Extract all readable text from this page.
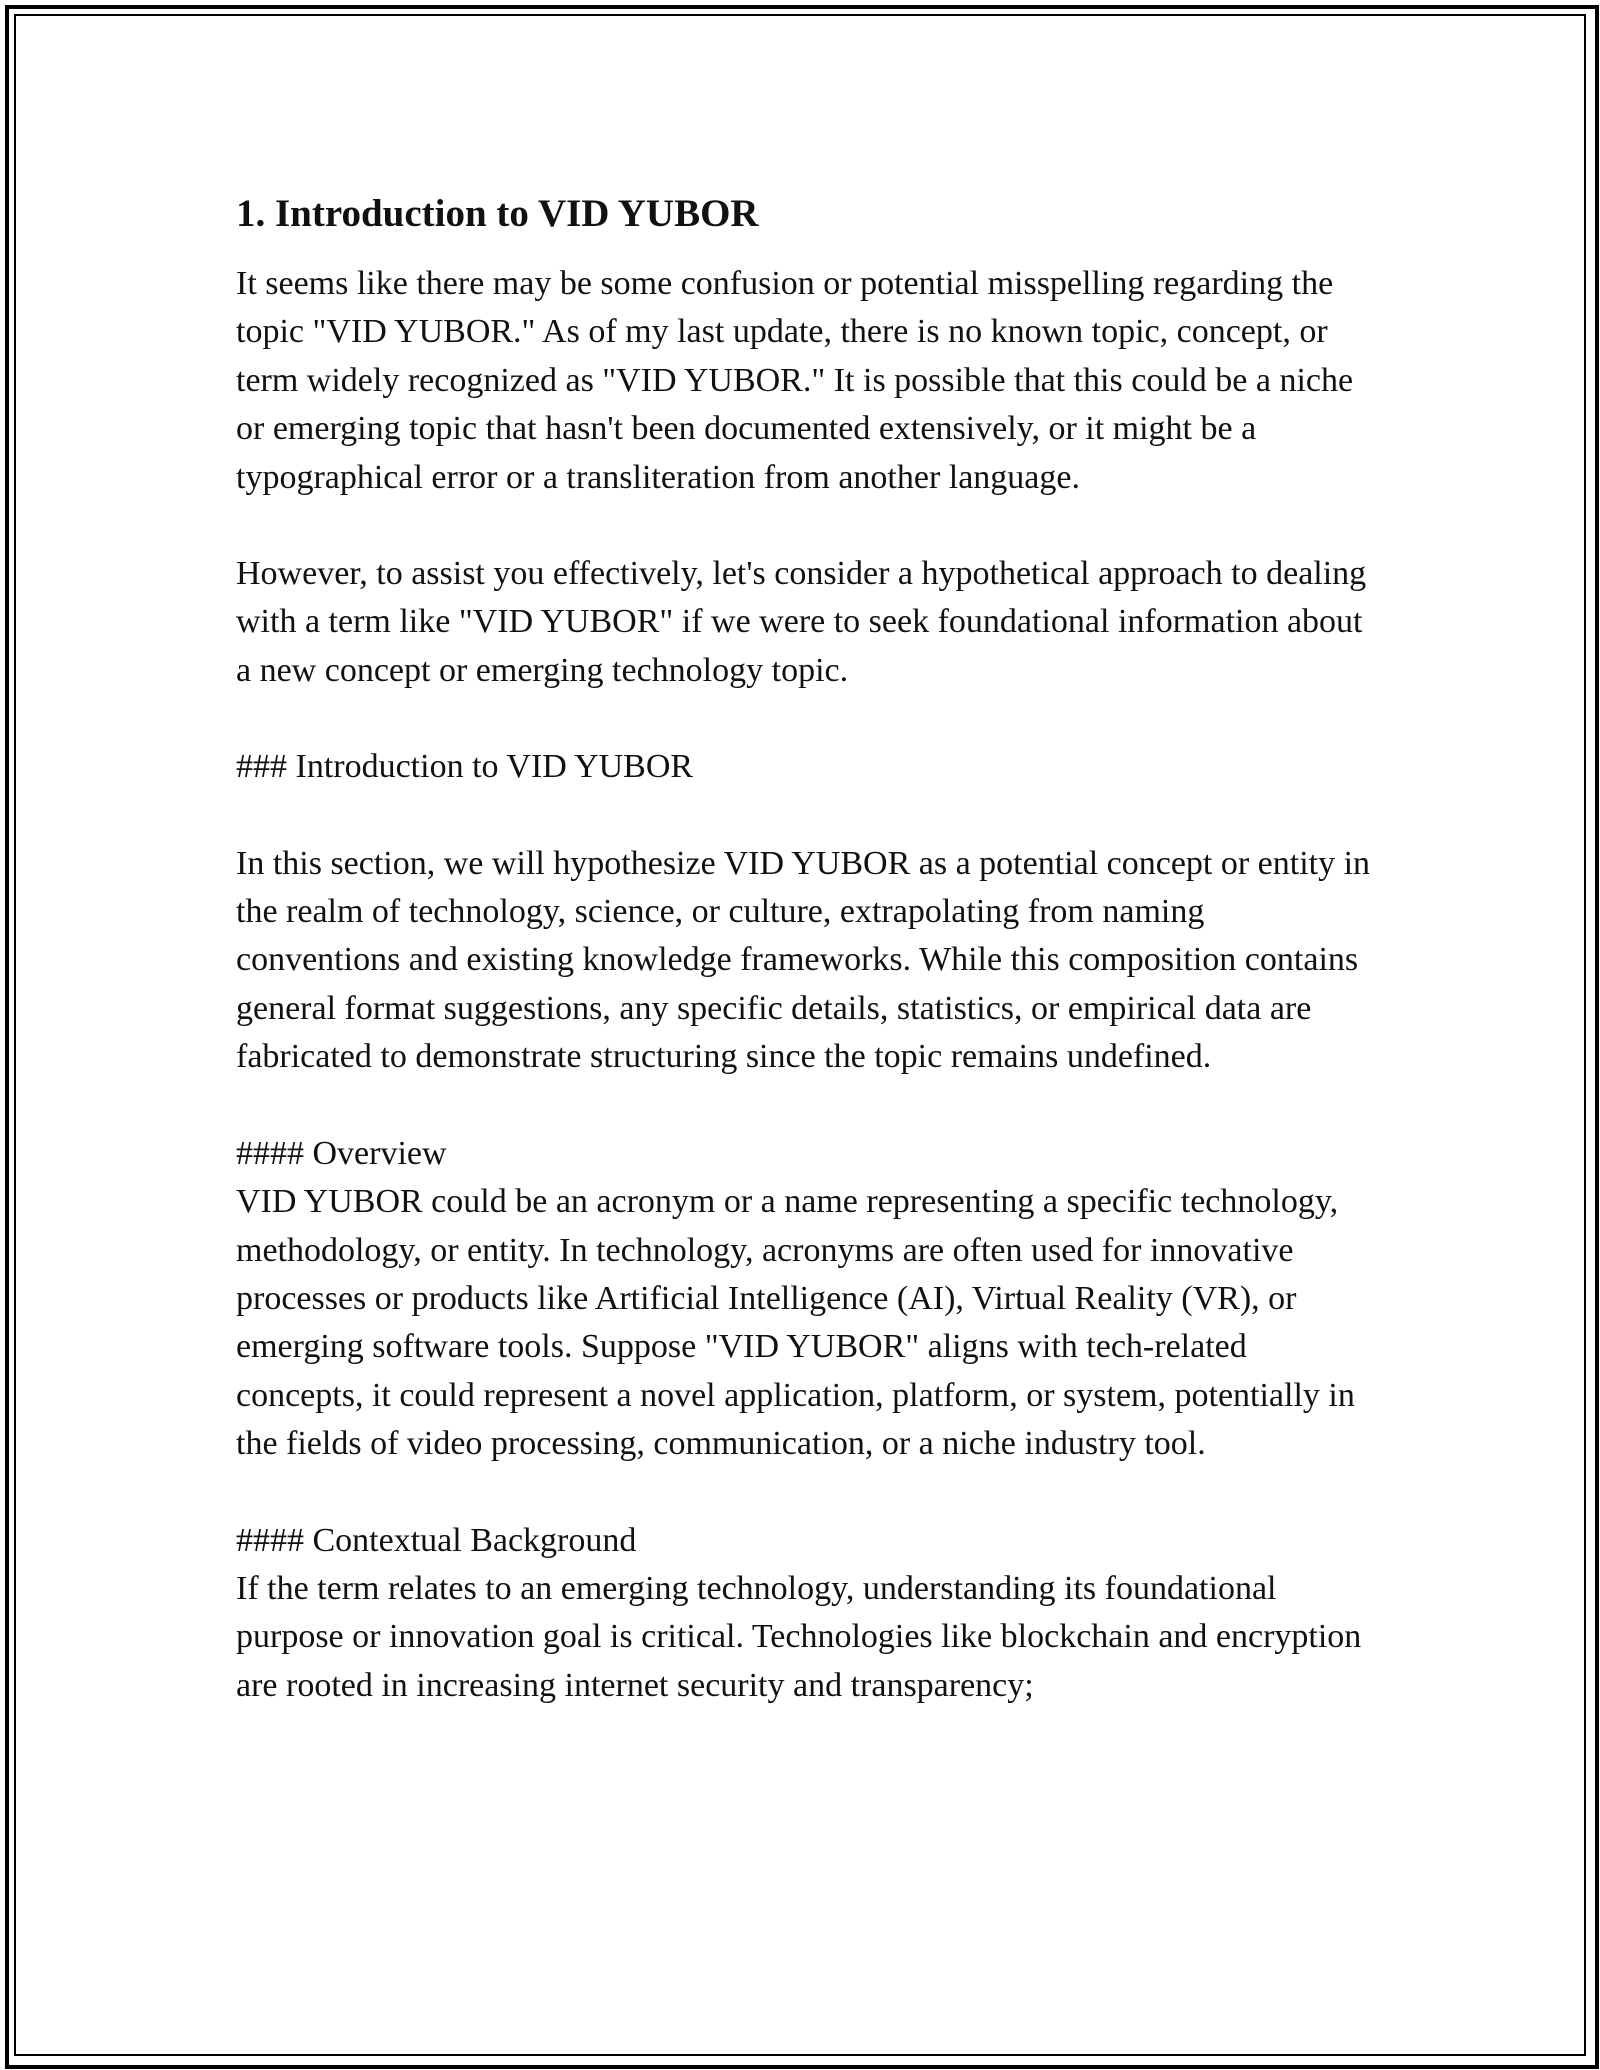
1. Introduction to VID YUBOR

It seems like there may be some confusion or potential misspelling regarding the topic "VID YUBOR." As of my last update, there is no known topic, concept, or term widely recognized as "VID YUBOR." It is possible that this could be a niche or emerging topic that hasn't been documented extensively, or it might be a typographical error or a transliteration from another language.

However, to assist you effectively, let's consider a hypothetical approach to dealing with a term like "VID YUBOR" if we were to seek foundational information about a new concept or emerging technology topic.

### Introduction to VID YUBOR

In this section, we will hypothesize VID YUBOR as a potential concept or entity in the realm of technology, science, or culture, extrapolating from naming conventions and existing knowledge frameworks. While this composition contains general format suggestions, any specific details, statistics, or empirical data are fabricated to demonstrate structuring since the topic remains undefined.

#### Overview
VID YUBOR could be an acronym or a name representing a specific technology, methodology, or entity. In technology, acronyms are often used for innovative processes or products like Artificial Intelligence (AI), Virtual Reality (VR), or emerging software tools. Suppose "VID YUBOR" aligns with tech-related concepts, it could represent a novel application, platform, or system, potentially in the fields of video processing, communication, or a niche industry tool.
#### Contextual Background
If the term relates to an emerging technology, understanding its foundational purpose or innovation goal is critical. Technologies like blockchain and encryption are rooted in increasing internet security and transparency;
